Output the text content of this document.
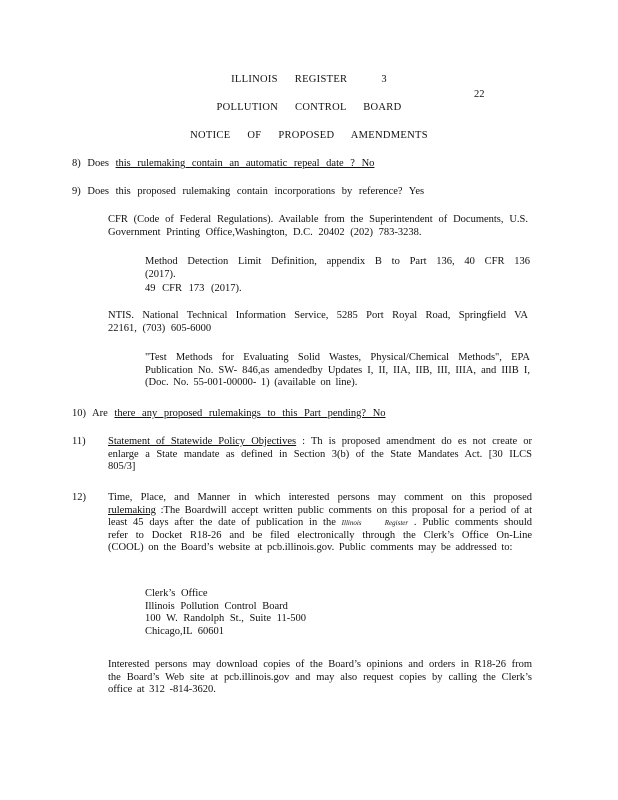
ILLINOIS REGISTER	3
22
POLLUTION CONTROL BOARD
NOTICE OF PROPOSED AMENDMENTS
8) Does this rulemaking contain an automatic repeal date ? No
9) Does this proposed rulemaking contain incorporations by reference? Yes
CFR (Code of Federal Regulations). Available from the Superintendent of Documents, U.S. Government Printing Office,Washington, D.C. 20402 (202) 783-3238.
Method Detection Limit Definition, appendix B to Part 136, 40 CFR 136 (2017).
49 CFR 173 (2017).
NTIS. National Technical Information Service, 5285 Port Royal Road, Springfield VA 22161, (703) 605-6000
"Test Methods for Evaluating Solid Wastes, Physical/Chemical Methods", EPA Publication No. SW- 846,as amendedby Updates I, II, IIA, IIB, III, IIIA, and IIIB I, (Doc. No. 55-001-00000- 1) (available on line).
10) Are there any proposed rulemakings to this Part pending? No
11) Statement of Statewide Policy Objectives : Th is proposed amendment do es not create or enlarge a State mandate as defined in Section 3(b) of the State Mandates Act. [30 ILCS 805/3]
12) Time, Place, and Manner in which interested persons may comment on this proposed rulemaking :The Boardwill accept written public comments on this proposal for a period of at least 45 days after the date of publication in the Illinois	Register . Public comments should refer to Docket R18-26 and be filed electronically through the Clerk’s Office On-Line (COOL) on the Board’s website at pcb.illinois.gov. Public comments may be addressed to:
Clerk’s Office
Illinois Pollution Control Board
100 W. Randolph St., Suite 11-500
Chicago,IL 60601
Interested persons may download copies of the Board’s opinions and orders in R18-26 from the Board’s Web site at pcb.illinois.gov and may also request copies by calling the Clerk’s office at 312 -814-3620.
